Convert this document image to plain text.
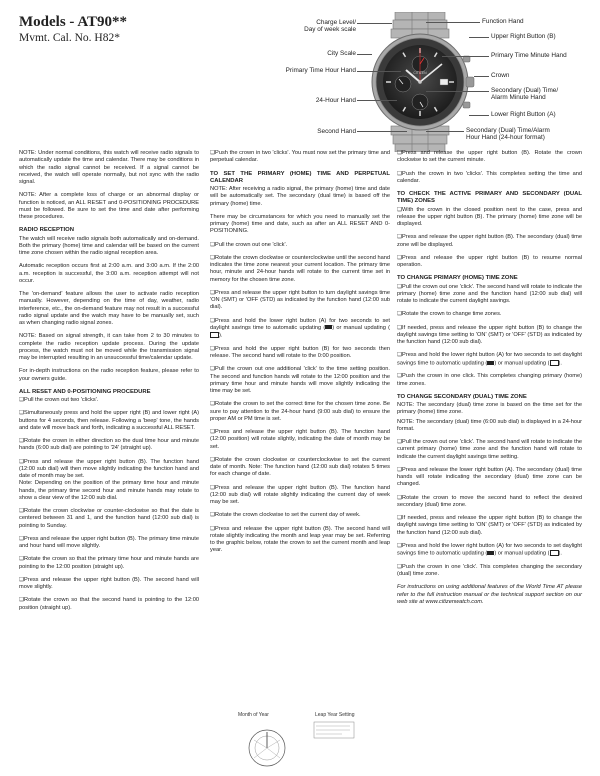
Models - AT90**
Mvmt. Cal. No. H82*
CITIZEN
Charge Level/
Day of week scale
City Scale
Primary Time Hour Hand
24-Hour Hand
Second Hand
Function Hand
Upper Right Button (B)
Primary Time Minute Hand
Crown
Secondary (Dual) Time/
Alarm Minute Hand
Lower Right Button (A)
Secondary (Dual) Time/Alarm
Hour Hand (24-hour format)

NOTE: Under normal conditions, this watch will receive radio signals to automatically update the time and calendar. There may be conditions in which the radio signal cannot be received. If a signal cannot be received, the watch will operate normally, but not sync with the radio signal.

NOTE: After a complete loss of charge or an abnormal display or function is noticed, an ALL RESET and 0-POSITIONING PROCEDURE must be followed. Be sure to set the time and date after performing these procedures.

RADIO RECEPTION

The watch will receive radio signals both automatically and on-demand. Both the primary (home) time and calendar will be based on the current time zone chosen within the radio signal reception area.

Automatic reception occurs first at 2:00 a.m. and 3:00 a.m. If the 2:00 a.m. reception is successful, the 3:00 a.m. reception attempt will not occur.

The 'on-demand' feature allows the user to activate radio reception manually. However, depending on the time of day, weather, radio interference, etc., the on-demand feature may not result in a successful radio signal update and the watch may have to be manually set, such as when changing radio signal zones.

NOTE: Based on signal strength, it can take from 2 to 30 minutes to complete the radio reception update process. During the update process, the watch must not be moved while the transmission signal may be interrupted resulting in an unsuccessful time/calendar update.

For in-depth instructions on the radio reception feature, please refer to your owners guide.

ALL RESET AND 0-POSITIONING PROCEDURE

❑Pull the crown out two 'clicks'.

❑Simultaneously press and hold the upper right (B) and lower right (A) buttons for 4 seconds, then release. Following a 'beep' tone, the hands and date will move back and forth, indicating a successful ALL RESET.

❑Rotate the crown in either direction so the dual time hour and minute hands (6:00 sub dial) are pointing to '24' (straight up).

❑Press and release the upper right button (B). The function hand (12:00 sub dial) will then move slightly indicating the function hand and date of month may be set.

Note: Depending on the position of the primary time hour and minute hands, the primary time second hour and minute hands may rotate to show a clear view of the 12:00 sub dial.

❑Rotate the crown clockwise or counter-clockwise so that the date is centered between 31 and 1, and the function hand (12:00 sub dial) is pointing to Sunday.

❑Press and release the upper right button (B). The primary time minute and hour hand will move slightly.

❑Rotate the crown so that the primary time hour and minute hands are pointing to the 12:00 position (straight up).

❑Press and release the upper right button (B). The second hand will move slightly.

❑Rotate the crown so that the second hand is pointing to the 12:00 position (straight up).

❑Push the crown in two 'clicks'. You must now set the primary time and perpetual calendar.

TO SET THE PRIMARY (HOME) TIME AND PERPETUAL CALENDAR

NOTE: After receiving a radio signal, the primary (home) time and date will be automatically set. The secondary (dual time) is based off the primary (home) time.

There may be circumstances for which you need to manually set the primary (home) time and date, such as after an ALL RESET AND 0-POSITIONING.

❑Pull the crown out one 'click'.

❑Rotate the crown clockwise or counterclockwise until the second hand indicates the time zone nearest your current location. The primary time hour, minute and 24-hour hands will rotate to the current time set in memory for the chosen time zone.

❑Press and release the upper right button to turn daylight savings time 'ON (SMT) or 'OFF (STD) as indicated by the function hand (12:00 sub dial).

❑Press and hold the lower right button (A) for two seconds to set daylight savings time to automatic updating ( ) or manual updating ().

❑Press and hold the upper right button (B) for two seconds then release. The second hand will rotate to the 0:00 position.

❑Pull the crown out one additional 'click' to the time setting position. The second and function hands will rotate to the 12:00 position and the primary time hour and minute hands will move slightly indicating the time may be set.

❑Rotate the crown to set the correct time for the chosen time zone. Be sure to pay attention to the 24-hour hand (9:00 sub dial) to ensure the proper AM or PM time is set.

❑Press and release the upper right button (B). The function hand (12:00 position) will rotate slightly, indicating the date of month may be set.

❑Rotate the crown clockwise or counterclockwise to set the current date of month. Note: The function hand (12:00 sub dial) rotates 5 times for each change of date.

❑Press and release the upper right button (B). The function hand (12:00 sub dial) will rotate slightly indicating the current day of week may be set.

❑Rotate the crown clockwise to set the current day of week.

❑Press and release the upper right button (B). The second hand will rotate slightly indicating the month and leap year may be set. Referring to the graphic below, rotate the crown to set the current month and leap year.

Month of Year	Leap Year Setting

❑Press and release the upper right button (B). Rotate the crown clockwise to set the current minute.

❑Push the crown in two 'clicks'. This completes setting the time and calendar.

TO CHECK THE ACTIVE PRIMARY AND SECONDARY (DUAL TIME) ZONES

❑With the crown in the closed position next to the case, press and release the upper right button (B). The primary (home) time zone will be displayed.

❑Press and release the upper right button (B). The secondary (dual) time zone will be displayed.

❑Press and release the upper right button (B) to resume normal operation.

TO CHANGE PRIMARY (HOME) TIME ZONE

❑Pull the crown out one 'click'. The second hand will rotate to indicate the primary (home) time zone and the function hand (12:00 sub dial) will rotate to indicate the current daylight savings.

❑Rotate the crown to change time zones.

❑If needed, press and release the upper right button (B) to change the daylight savings time setting to 'ON' (SMT) or 'OFF' (STD) as indicated by the function hand (12:00 sub dial).

❑Press and hold the lower right button (A) for two seconds to set daylight savings time to automatic updating ( ) or manual updating ( ).

❑Push the crown in one click. This completes changing primary (home) time zones.

TO CHANGE SECONDARY (DUAL) TIME ZONE

NOTE: The secondary (dual) time zone is based on the time set for the primary (home) time zone.

NOTE: The secondary (dual) time (6:00 sub dial) is displayed in a 24-hour format.

❑Pull the crown out one 'click'. The second hand will rotate to indicate the current primary (home) time zone and the function hand will rotate to indicate the current daylight savings time setting.

❑Press and release the lower right button (A). The secondary (dual) time hands will rotate indicating the secondary (dual) time zone can be changed.

❑Rotate the crown to move the second hand to reflect the desired secondary (dual) time zone.

❑If needed, press and release the upper right button (B) to change the daylight savings time setting to 'ON' (SMT) or 'OFF' (STD) as indicated by the function hand (12:00 sub dial).

❑Press and hold the lower right button (A) for two seconds to set daylight savings time to automatic updating ( ) or manual updating ( ).

❑Push the crown in one 'click'. This completes changing the secondary (dual) time zone.

For instructions on using additional features of the World Time AT please refer to the full instruction manual or the technical support section on our web site at www.citizenwatch.com.
